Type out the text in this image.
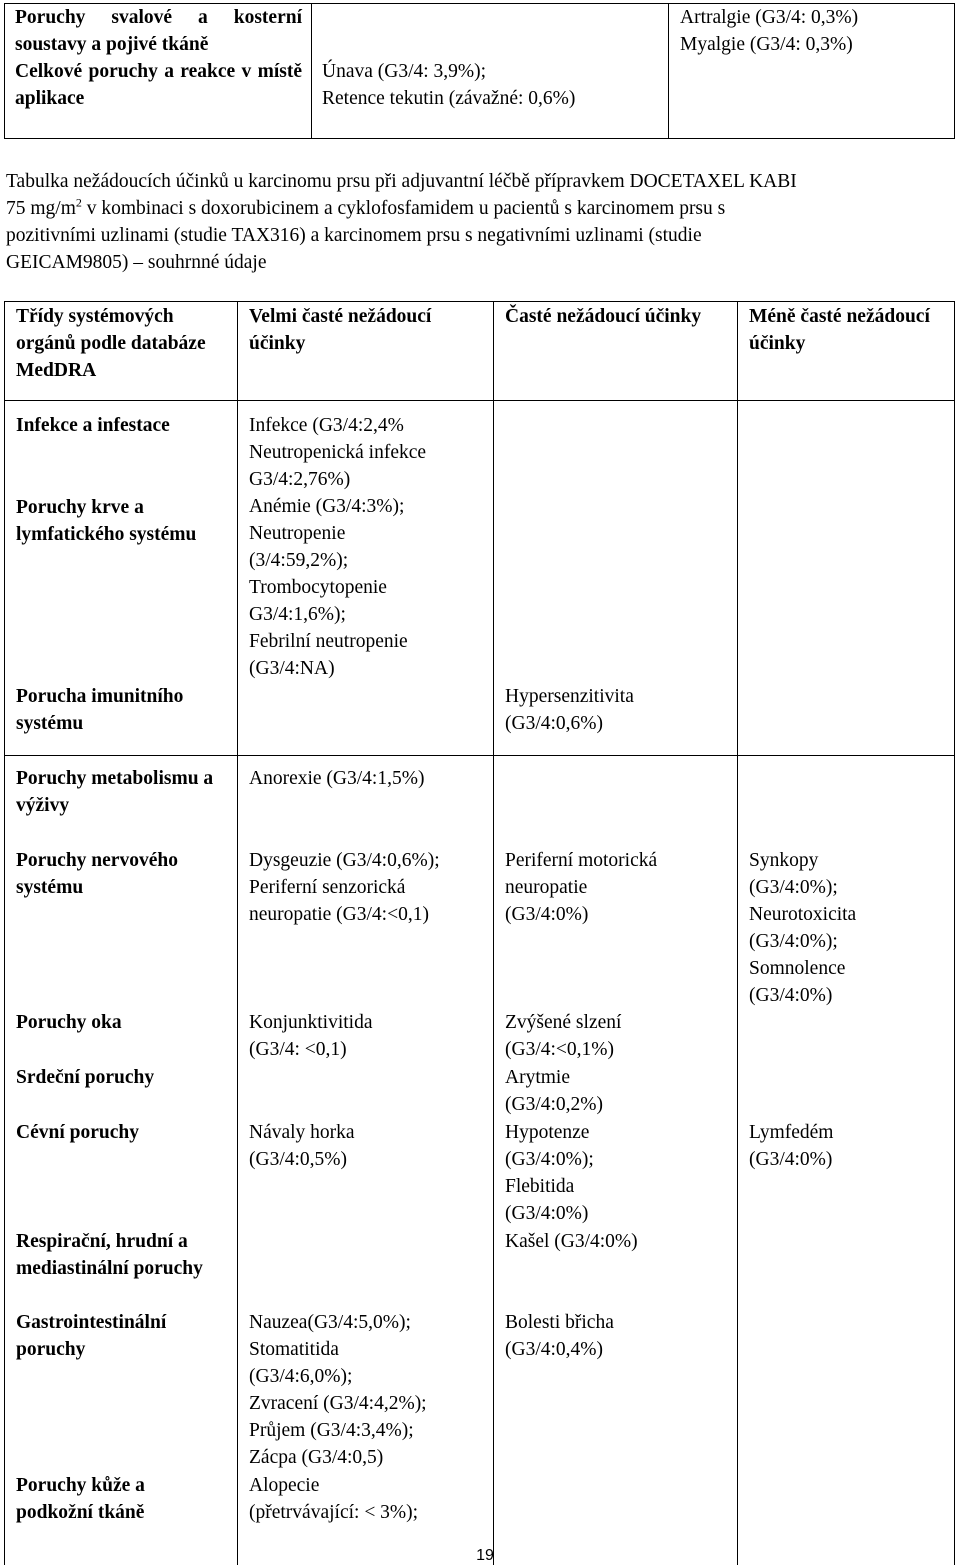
Poruchy svalové a kosterní soustavy a pojivé tkáně
Artralgie (G3/4: 0,3%)
Myalgie (G3/4: 0,3%)
Celkové poruchy a reakce v místě aplikace
Únava (G3/4: 3,9%);
Retence tekutin (závažné: 0,6%)
Tabulka nežádoucích účinků u karcinomu prsu při adjuvantní léčbě přípravkem DOCETAXEL KABI
75 $mg/m^2$ v kombinaci s doxorubicinem a cyklofosfamidem u pacientů s karcinomem prsu s
pozitivními uzlinami (studie TAX316) a karcinomem prsu s negativními uzlinami (studie
GEICAM9805) – souhrnné údaje
Třídy systémových orgánů podle databáze MedDRA
Velmi časté nežádoucí účinky
Časté nežádoucí účinky	Méně časté nežádoucí účinky
Infekce a infestace
Poruchy krve a lymfatického systému
Porucha imunitního systému
Infekce (G3/4:2,4%
Neutropenická infekce
G3/4:2,76%)
Anémie (G3/4:3%);
Neutropenie
(3/4:59,2%);
Trombocytopenie
G3/4:1,6%);
Febrilní neutropenie
(G3/4:NA)
Hypersenzitivita
(G3/4:0,6%)
Poruchy metabolismu a výživy
Poruchy nervového systému
Poruchy oka
Srdeční poruchy
Cévní poruchy
Respirační, hrudní a mediastinální poruchy
Gastrointestinální poruchy
Poruchy kůže a podkožní tkáně
Anorexie (G3/4:1,5%)
Dysgeuzie (G3/4:0,6%);
Periferní senzorická
neuropatie (G3/4:<0,1)
Periferní motorická
neuropatie
(G3/4:0%)
Synkopy
(G3/4:0%);
Neurotoxicita
(G3/4:0%);
Somnolence
(G3/4:0%)
Konjunktivitida
(G3/4: <0,1)
Zvýšené slzení
(G3/4:<0,1%)
Arytmie
(G3/4:0,2%)
Návaly horka
(G3/4:0,5%)
Hypotenze
(G3/4:0%);
Flebitida
(G3/4:0%)
Lymfedém
(G3/4:0%)
Kašel (G3/4:0%)
Nauzea(G3/4:5,0%);
Stomatitida
(G3/4:6,0%);
Zvracení (G3/4:4,2%);
Průjem (G3/4:3,4%);
Zácpa (G3/4:0,5)
Bolesti břicha
(G3/4:0,4%)
Alopecie
(přetrvávající: < 3%);
19
